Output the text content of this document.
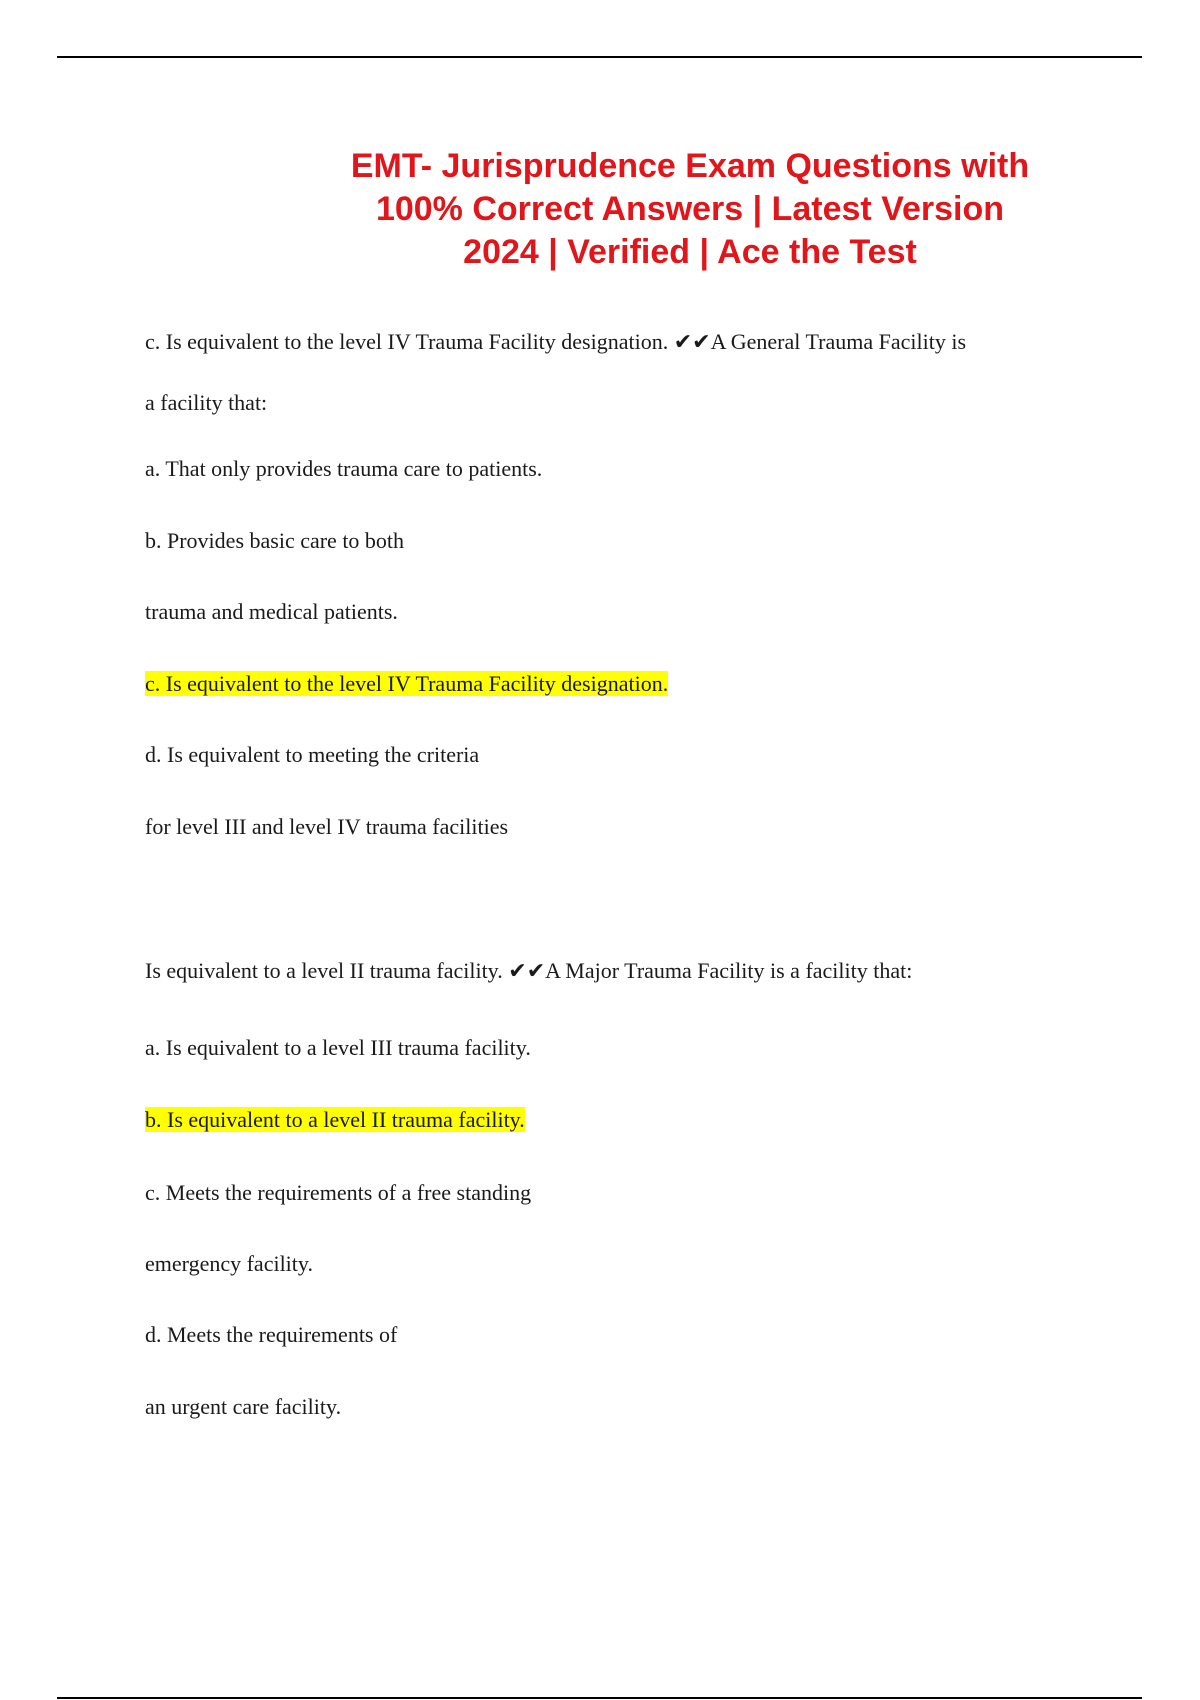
EMT- Jurisprudence Exam Questions with
100% Correct Answers | Latest Version
2024 | Verified | Ace the Test

c. Is equivalent to the level IV Trauma Facility designation. ✔✔A General Trauma Facility is

a facility that:

a. That only provides trauma care to patients.

b. Provides basic care to both

trauma and medical patients.

c. Is equivalent to the level IV Trauma Facility designation.

d. Is equivalent to meeting the criteria

for level III and level IV trauma facilities

Is equivalent to a level II trauma facility. ✔✔A Major Trauma Facility is a facility that:

a. Is equivalent to a level III trauma facility.

b. Is equivalent to a level II trauma facility.

c. Meets the requirements of a free standing

emergency facility.

d. Meets the requirements of

an urgent care facility.
